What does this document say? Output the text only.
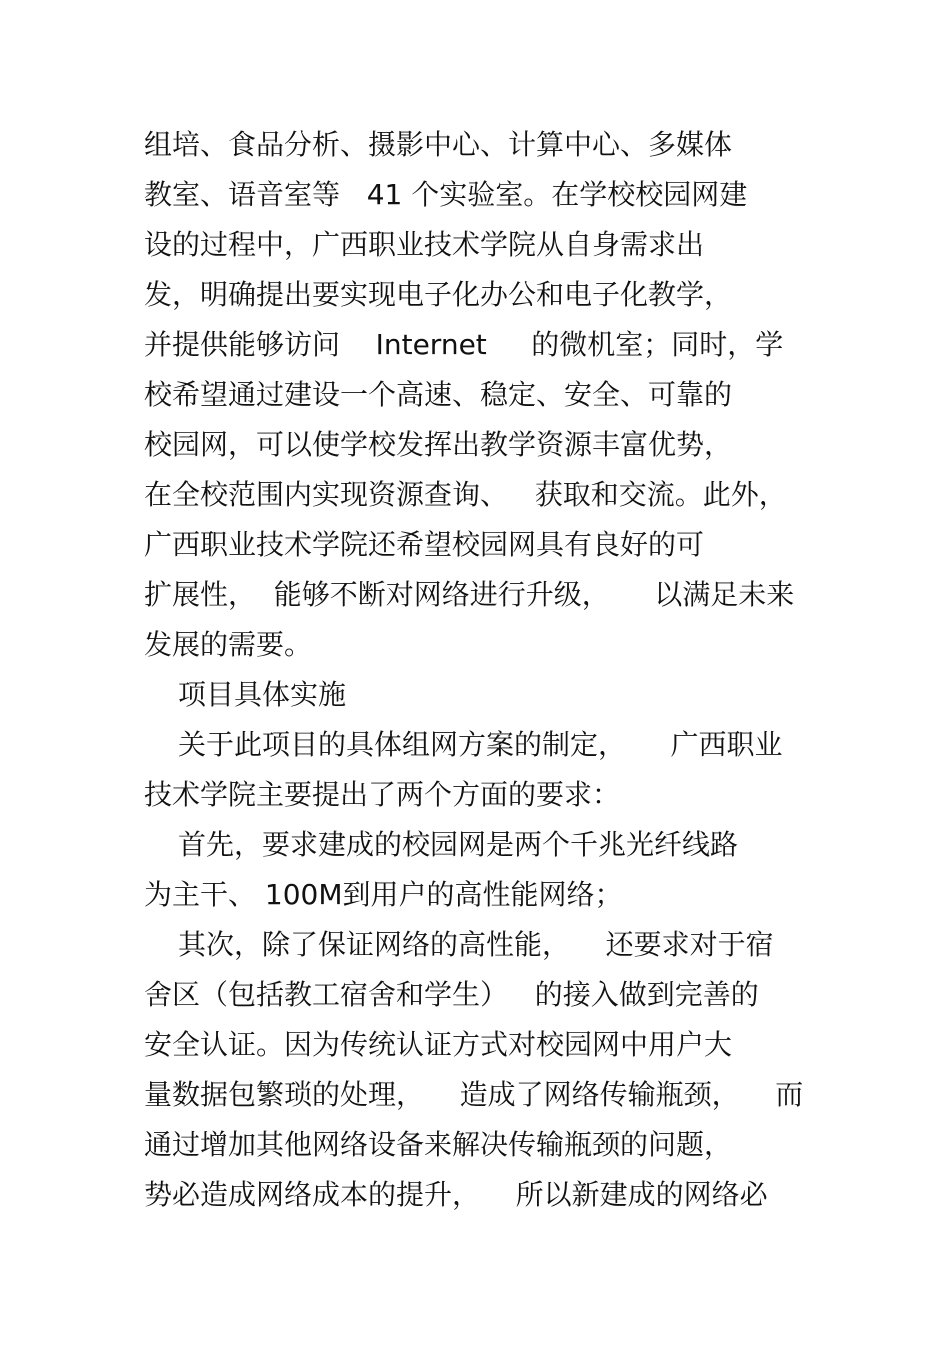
组培、食品分析、摄影中心、计算中心、多媒体
教室、语音室等   41 个实验室。在学校校园网建
设的过程中，广西职业技术学院从自身需求出
发，明确提出要实现电子化办公和电子化教学，
并提供能够访问    Internet     的微机室；同时，学
校希望通过建设一个高速、稳定、安全、可靠的
校园网，可以使学校发挥出教学资源丰富优势，
在全校范围内实现资源查询、   获取和交流。此外，
广西职业技术学院还希望校园网具有良好的可
扩展性，  能够不断对网络进行升级，     以满足未来
发展的需要。
项目具体实施
关于此项目的具体组网方案的制定，     广西职业
技术学院主要提出了两个方面的要求：
首先，要求建成的校园网是两个千兆光纤线路
为主干、 100M到用户的高性能网络；
其次，除了保证网络的高性能，    还要求对于宿
舍区（包括教工宿舍和学生）   的接入做到完善的
安全认证。因为传统认证方式对校园网中用户大
量数据包繁琐的处理，    造成了网络传输瓶颈，    而
通过增加其他网络设备来解决传输瓶颈的问题，
势必造成网络成本的提升，    所以新建成的网络必
